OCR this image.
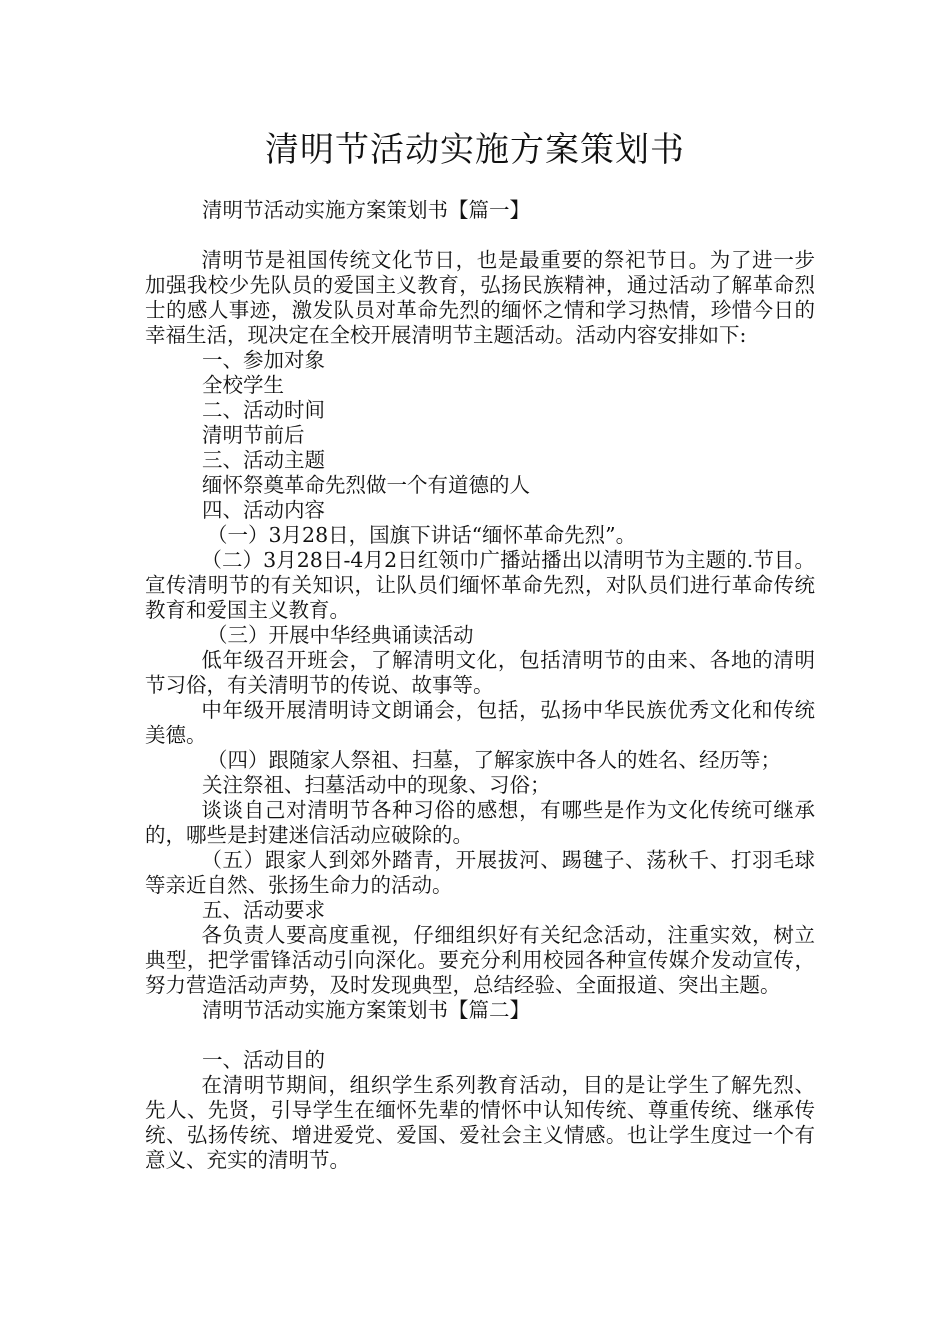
清明节活动实施方案策划书

清明节活动实施方案策划书【篇一】

清明节是祖国传统文化节日，也是最重要的祭祀节日。为了进一步加强我校少先队员的爱国主义教育，弘扬民族精神，通过活动了解革命烈士的感人事迹，激发队员对革命先烈的缅怀之情和学习热情，珍惜今日的幸福生活，现决定在全校开展清明节主题活动。活动内容安排如下:

一、参加对象

全校学生

二、活动时间

清明节前后

三、活动主题

缅怀祭奠革命先烈做一个有道德的人

四、活动内容

（一）3月28日，国旗下讲话“缅怀革命先烈”。

（二）3月28日-4月2日红领巾广播站播出以清明节为主题的.节目。宣传清明节的有关知识，让队员们缅怀革命先烈，对队员们进行革命传统教育和爱国主义教育。

（三）开展中华经典诵读活动

低年级召开班会，了解清明文化，包括清明节的由来、各地的清明节习俗，有关清明节的传说、故事等。

中年级开展清明诗文朗诵会，包括，弘扬中华民族优秀文化和传统美德。

（四）跟随家人祭祖、扫墓，了解家族中各人的姓名、经历等；

关注祭祖、扫墓活动中的现象、习俗；

谈谈自己对清明节各种习俗的感想，有哪些是作为文化传统可继承的，哪些是封建迷信活动应破除的。

（五）跟家人到郊外踏青，开展拔河、踢毽子、荡秋千、打羽毛球等亲近自然、张扬生命力的活动。

五、活动要求

各负责人要高度重视，仔细组织好有关纪念活动，注重实效，树立典型，把学雷锋活动引向深化。要充分利用校园各种宣传媒介发动宣传，努力营造活动声势，及时发现典型，总结经验、全面报道、突出主题。

清明节活动实施方案策划书【篇二】

一、活动目的

在清明节期间，组织学生系列教育活动，目的是让学生了解先烈、先人、先贤，引导学生在缅怀先辈的情怀中认知传统、尊重传统、继承传统、弘扬传统、增进爱党、爱国、爱社会主义情感。也让学生度过一个有意义、充实的清明节。
